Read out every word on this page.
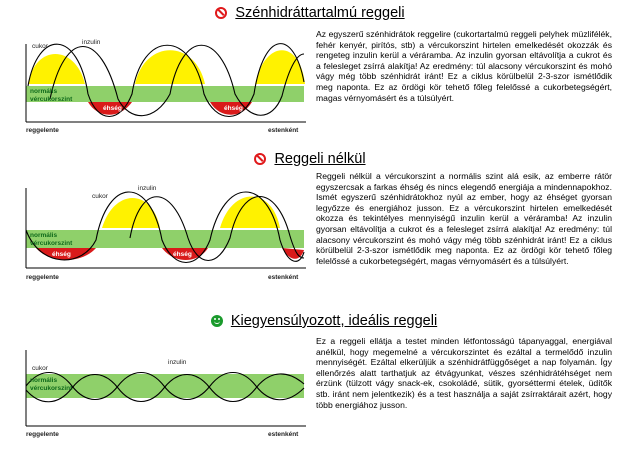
Szénhidráttartalmú reggeli
cukor
inzulin
normális vércukorszint
éhség	éhség
reggelente	estenként

Az egyszerű szénhidrátok reggelire (cukortartalmú reggeli pelyhek müzlifélék, fehér kenyér, pirítós, stb) a vércukorszint hirtelen emelkedését okozzák és rengeteg inzulin kerül a véráramba. Az inzulin gyorsan eltávolítja a cukrot és a felesleget zsírrá alakítja! Az eredmény: túl alacsony vércukorszint és mohó vágy még több szénhidrát iránt! Ez a ciklus körülbelül 2-3-szor ismétlődik meg naponta. Ez az ördögi kör tehető főleg felelőssé a cukorbetegségért, magas vérnyomásért és a túlsúlyért.

Reggeli nélkül
cukor
inzulin
normális vércukorszint
éhség	éhség
reggelente	estenként

Reggeli nélkül a vércukorszint a normális szint alá esik, az emberre rátör egyszercsak a farkas éhség és nincs elegendő energiája a mindennapokhoz. Ismét egyszerű szénhidrátokhoz nyúl az ember, hogy az éhséget gyorsan legyőzze és energiához jusson. Ez a vércukorszint hirtelen emelkedését okozza és tekintélyes mennyiségű inzulin kerül a véráramba! Az inzulin gyorsan eltávolítja a cukrot és a felesleget zsírrá alakítja! Az eredmény: túl alacsony vércukorszint és mohó vágy még több szénhidrát iránt! Ez a ciklus körülbelül 2-3-szor ismétlődik meg naponta. Ez az ördögi kör tehető főleg felelőssé a cukorbetegségért, magas vérnyomásért és a túlsúlyért.

Kiegyensúlyozott, ideális reggeli
cukor
inzulin
normális vércukorszint
reggelente	estenként

Ez a reggeli ellátja a testet minden létfontosságú tápanyaggal, energiával anélkül, hogy megemelné a vércukorszintet és ezáltal a termelődő inzulin mennyiségét. Ezáltal elkerüljük a szénhidrátfüggőséget a nap folyamán. Így ellenőrzés alatt tarthatjuk az étvágyunkat, vészes szénhidrátéhséget nem érzünk (tülzott vágy snack-ek, csokoládé, sütik, gyorséttermi ételek, üdítők stb. iránt nem jelentkezik) és a test használja a saját zsírraktárait azért, hogy több energiához jusson.
